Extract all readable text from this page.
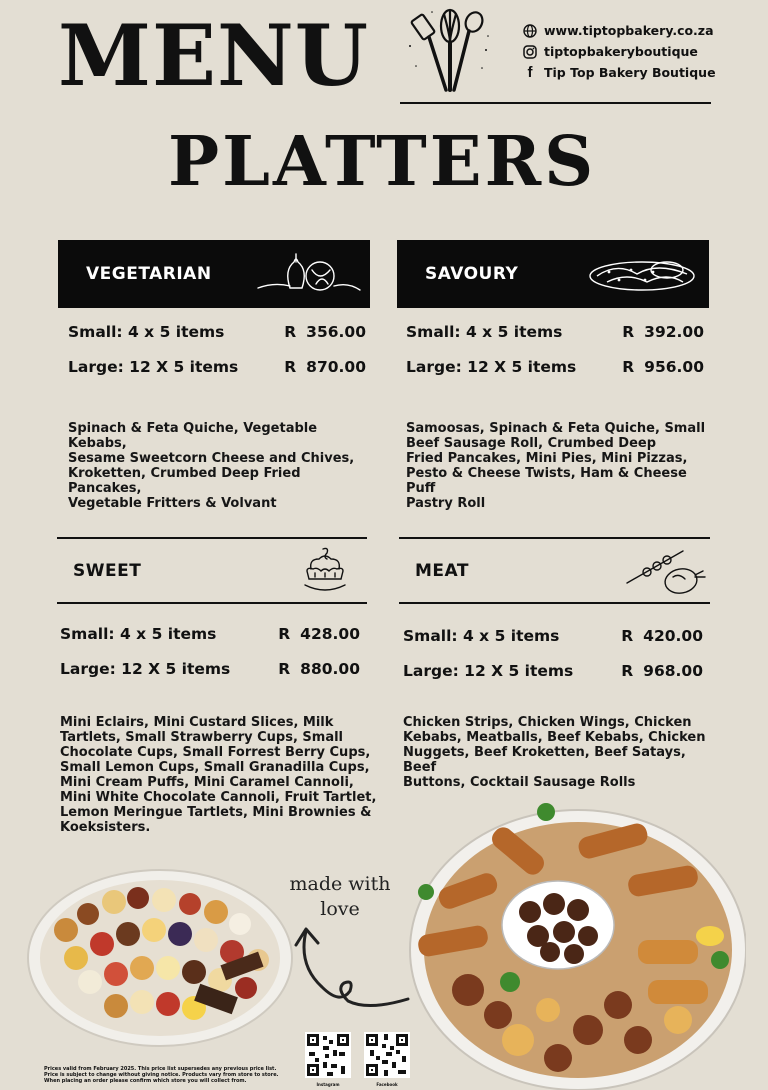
MENU
PLATTERS
www.tiptopbakery.co.za
tiptopbakeryboutique
f Tip Top Bakery Boutique
VEGETARIAN
Small: 4 x 5 items	R 356.00
Large: 12 X 5 items	R 870.00
Spinach & Feta Quiche, Vegetable Kebabs,
Sesame Sweetcorn Cheese and Chives,
Kroketten, Crumbed Deep Fried Pancakes,
Vegetable Fritters & Volvant
SAVOURY
Small: 4 x 5 items	R 392.00
Large: 12 X 5 items	R 956.00
Samoosas, Spinach & Feta Quiche, Small
Beef Sausage Roll, Crumbed Deep
Fried Pancakes, Mini Pies, Mini Pizzas,
Pesto & Cheese Twists, Ham & Cheese Puff
Pastry Roll
SWEET
Small: 4 x 5 items	R 428.00
Large: 12 X 5 items	R 880.00
Mini Eclairs, Mini Custard Slices, Milk
Tartlets, Small Strawberry Cups, Small
Chocolate Cups, Small Forrest Berry Cups,
Small Lemon Cups, Small Granadilla Cups,
Mini Cream Puffs, Mini Caramel Cannoli,
Mini White Chocolate Cannoli, Fruit Tartlet,
Lemon Meringue Tartlets, Mini Brownies &
Koeksisters.
MEAT
Small: 4 x 5 items	R 420.00
Large: 12 X 5 items	R 968.00
Chicken Strips, Chicken Wings, Chicken
Kebabs, Meatballs, Beef Kebabs, Chicken
Nuggets, Beef Kroketten, Beef Satays, Beef
Buttons, Cocktail Sausage Rolls
made with
love
Instagram	Facebook
Prices valid from February 2025. This price list supersedes any previous price list.
Price is subject to change without giving notice. Products vary from store to store.
When placing an order please confirm which store you will collect from.
